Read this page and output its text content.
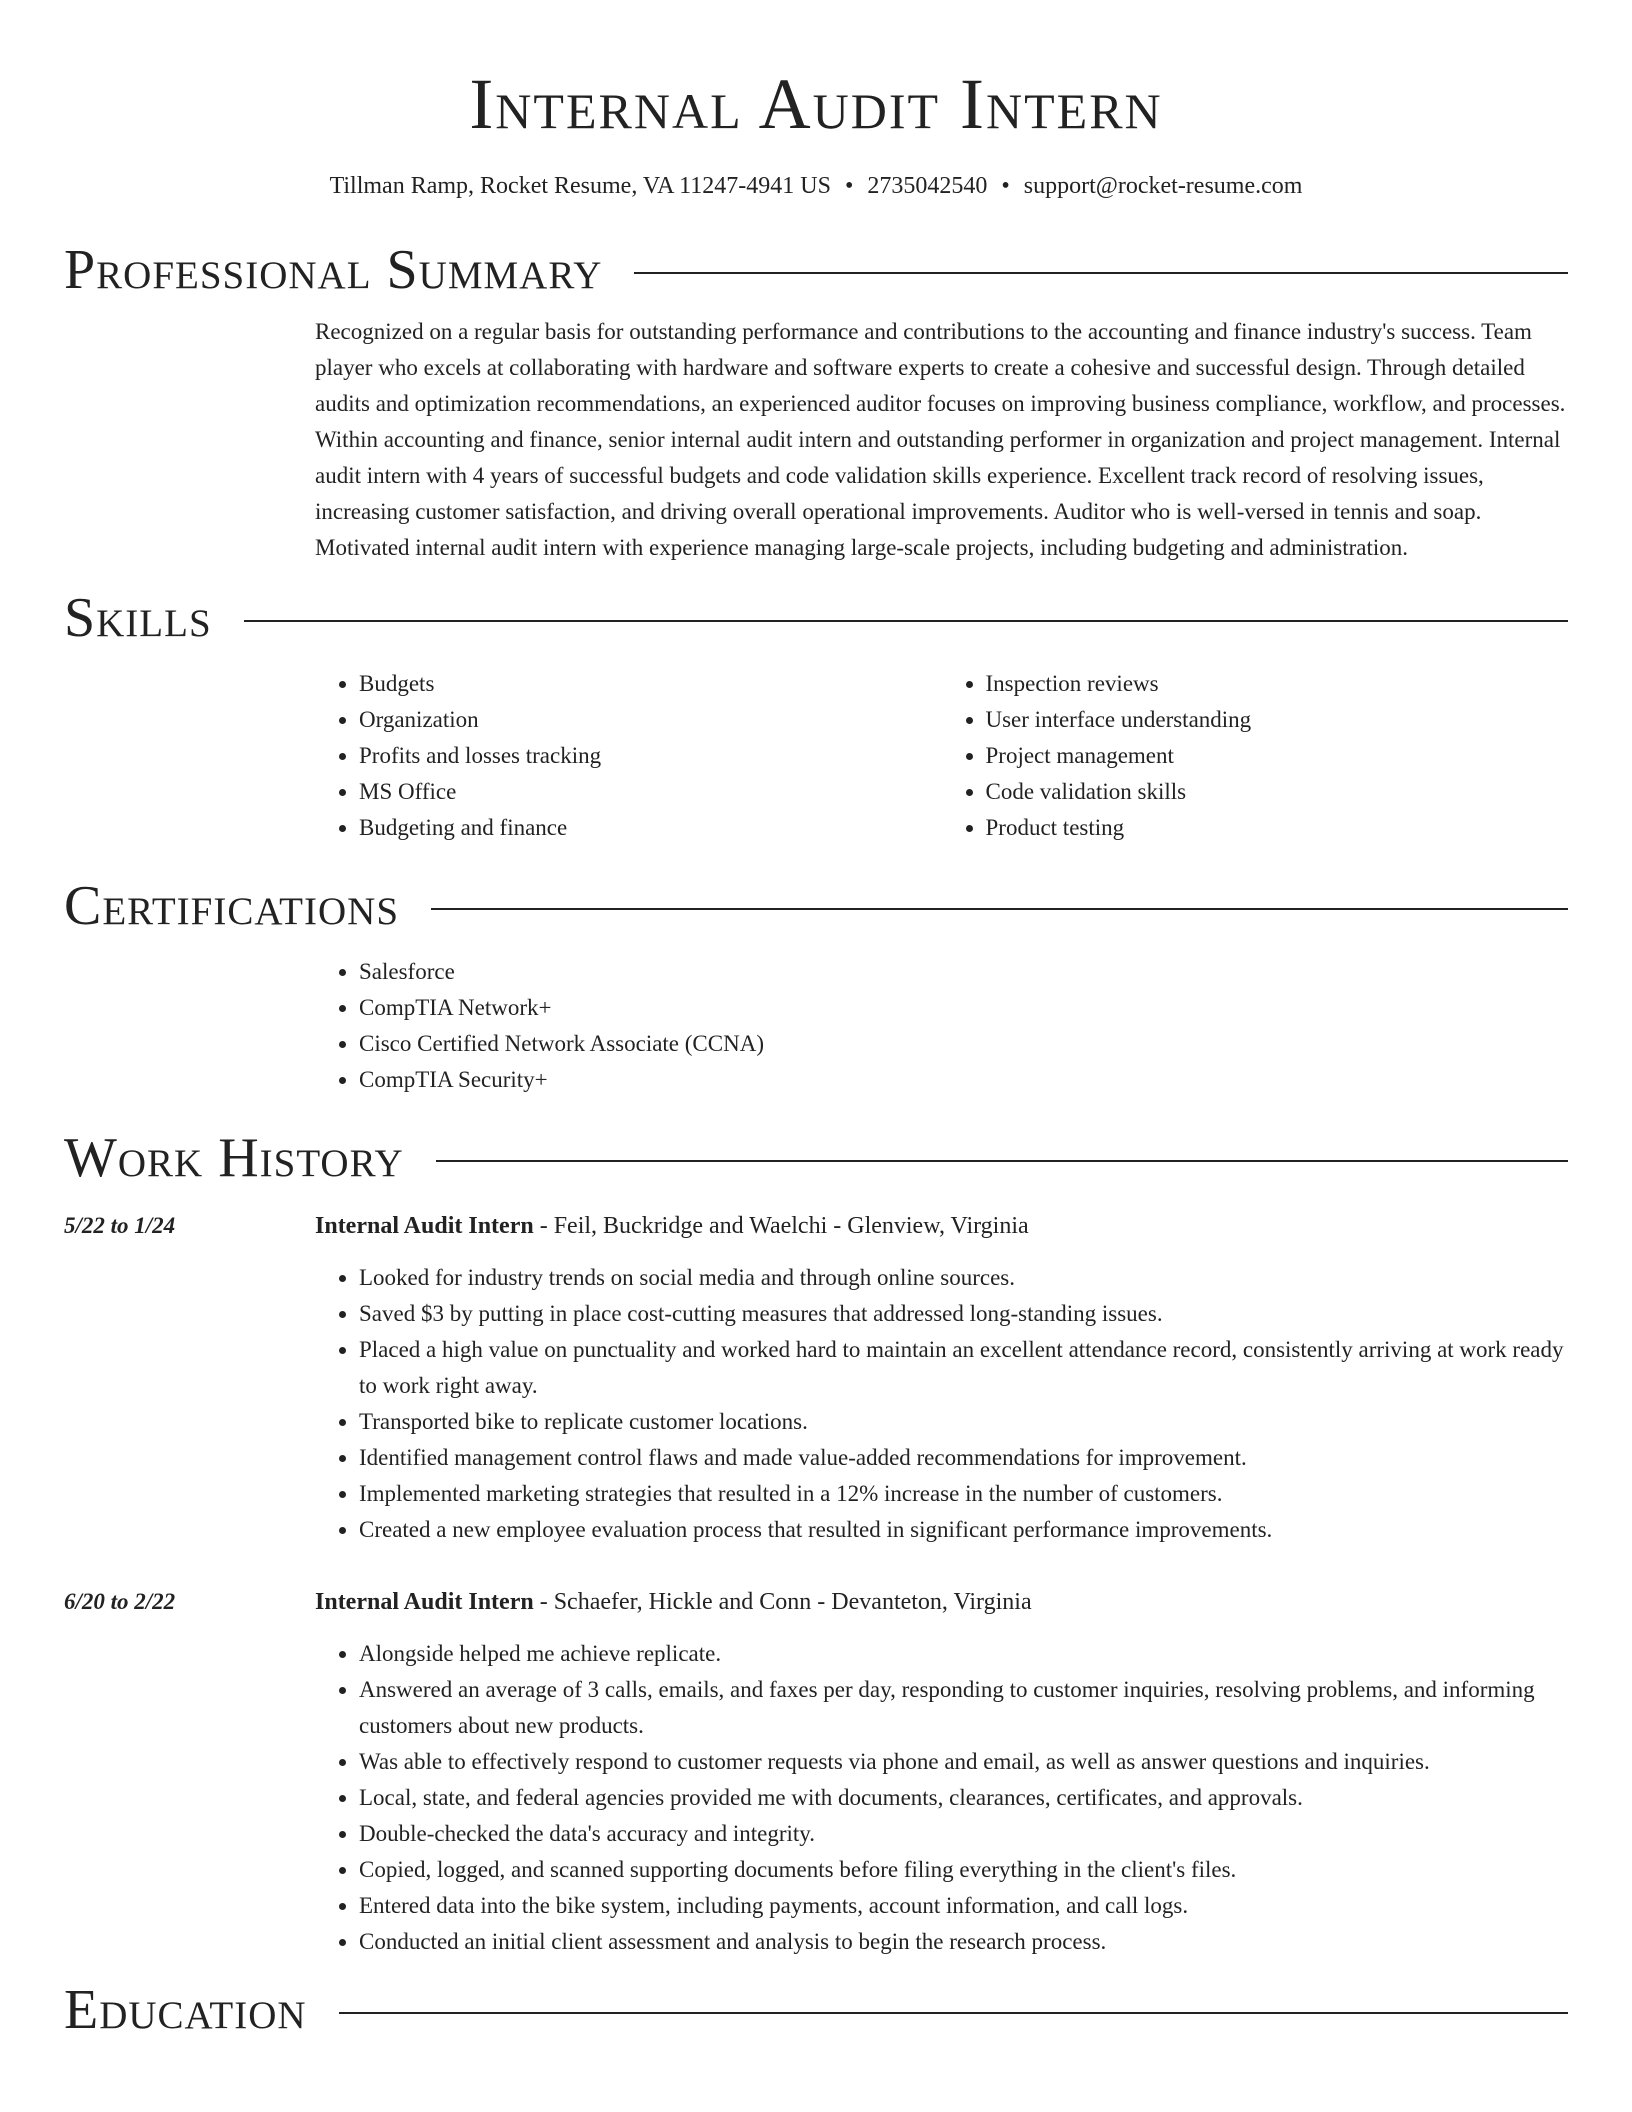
Internal Audit Intern
Tillman Ramp, Rocket Resume, VA 11247-4941 US • 2735042540 • support@rocket-resume.com
Professional Summary

Recognized on a regular basis for outstanding performance and contributions to the accounting and finance industry's success. Team player who excels at collaborating with hardware and software experts to create a cohesive and successful design. Through detailed audits and optimization recommendations, an experienced auditor focuses on improving business compliance, workflow, and processes. Within accounting and finance, senior internal audit intern and outstanding performer in organization and project management. Internal audit intern with 4 years of successful budgets and code validation skills experience. Excellent track record of resolving issues, increasing customer satisfaction, and driving overall operational improvements. Auditor who is well-versed in tennis and soap. Motivated internal audit intern with experience managing large-scale projects, including budgeting and administration.

Skills
• Budgets
• Organization
• Profits and losses tracking
• MS Office
• Budgeting and finance
• Inspection reviews
• User interface understanding
• Project management
• Code validation skills
• Product testing
Certifications
• Salesforce
• CompTIA Network+
• Cisco Certified Network Associate (CCNA)
• CompTIA Security+
Work History
5/22 to 1/24	Internal Audit Intern - Feil, Buckridge and Waelchi - Glenview, Virginia
• Looked for industry trends on social media and through online sources.
• Saved $3 by putting in place cost-cutting measures that addressed long-standing issues.
• Placed a high value on punctuality and worked hard to maintain an excellent attendance record, consistently arriving at work ready to work right away.
• Transported bike to replicate customer locations.
• Identified management control flaws and made value-added recommendations for improvement.
• Implemented marketing strategies that resulted in a 12% increase in the number of customers.
• Created a new employee evaluation process that resulted in significant performance improvements.
6/20 to 2/22	Internal Audit Intern - Schaefer, Hickle and Conn - Devanteton, Virginia
• Alongside helped me achieve replicate.
• Answered an average of 3 calls, emails, and faxes per day, responding to customer inquiries, resolving problems, and informing customers about new products.
• Was able to effectively respond to customer requests via phone and email, as well as answer questions and inquiries.
• Local, state, and federal agencies provided me with documents, clearances, certificates, and approvals.
• Double-checked the data's accuracy and integrity.
• Copied, logged, and scanned supporting documents before filing everything in the client's files.
• Entered data into the bike system, including payments, account information, and call logs.
• Conducted an initial client assessment and analysis to begin the research process.
Education
